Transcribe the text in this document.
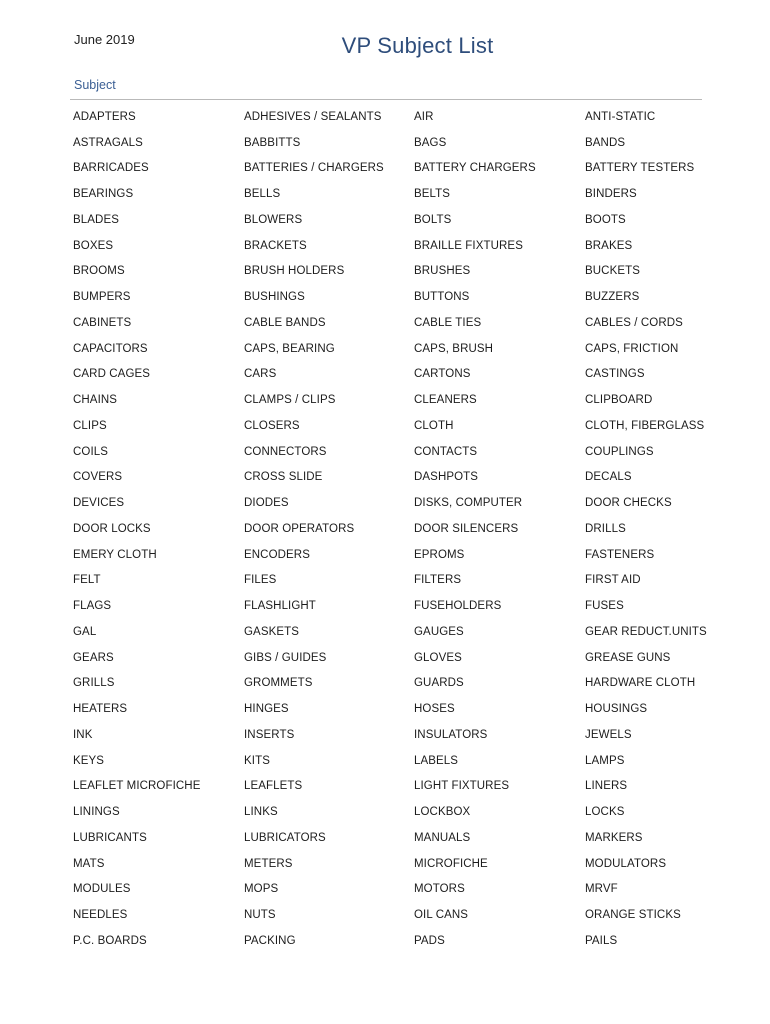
June 2019	VP Subject List
Subject
ADAPTERS	ADHESIVES / SEALANTS	AIR	ANTI-STATIC
ASTRAGALS	BABBITTS	BAGS	BANDS
BARRICADES	BATTERIES / CHARGERS	BATTERY CHARGERS	BATTERY TESTERS
BEARINGS	BELLS	BELTS	BINDERS
BLADES	BLOWERS	BOLTS	BOOTS
BOXES	BRACKETS	BRAILLE FIXTURES	BRAKES
BROOMS	BRUSH HOLDERS	BRUSHES	BUCKETS
BUMPERS	BUSHINGS	BUTTONS	BUZZERS
CABINETS	CABLE BANDS	CABLE TIES	CABLES / CORDS
CAPACITORS	CAPS, BEARING	CAPS, BRUSH	CAPS, FRICTION
CARD CAGES	CARS	CARTONS	CASTINGS
CHAINS	CLAMPS / CLIPS	CLEANERS	CLIPBOARD
CLIPS	CLOSERS	CLOTH	CLOTH, FIBERGLASS
COILS	CONNECTORS	CONTACTS	COUPLINGS
COVERS	CROSS SLIDE	DASHPOTS	DECALS
DEVICES	DIODES	DISKS, COMPUTER	DOOR CHECKS
DOOR LOCKS	DOOR OPERATORS	DOOR SILENCERS	DRILLS
EMERY CLOTH	ENCODERS	EPROMS	FASTENERS
FELT	FILES	FILTERS	FIRST AID
FLAGS	FLASHLIGHT	FUSEHOLDERS	FUSES
GAL	GASKETS	GAUGES	GEAR REDUCT.UNITS
GEARS	GIBS / GUIDES	GLOVES	GREASE GUNS
GRILLS	GROMMETS	GUARDS	HARDWARE CLOTH
HEATERS	HINGES	HOSES	HOUSINGS
INK	INSERTS	INSULATORS	JEWELS
KEYS	KITS	LABELS	LAMPS
LEAFLET MICROFICHE	LEAFLETS	LIGHT FIXTURES	LINERS
LININGS	LINKS	LOCKBOX	LOCKS
LUBRICANTS	LUBRICATORS	MANUALS	MARKERS
MATS	METERS	MICROFICHE	MODULATORS
MODULES	MOPS	MOTORS	MRVF
NEEDLES	NUTS	OIL CANS	ORANGE STICKS
P.C. BOARDS	PACKING	PADS	PAILS
